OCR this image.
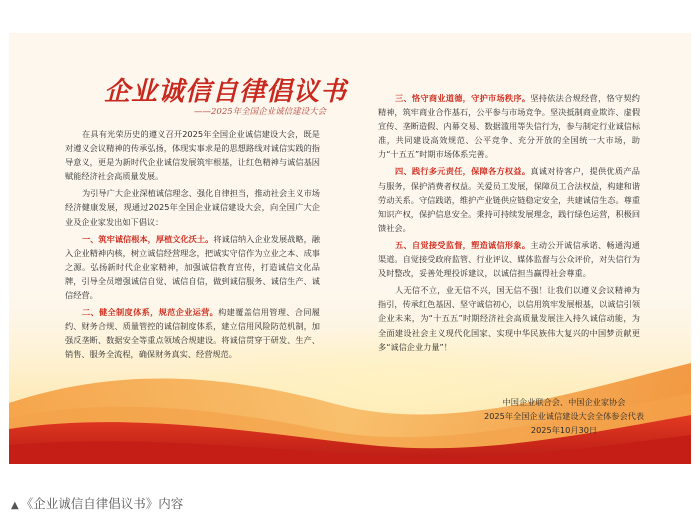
企业诚信自律倡议书
——2025年全国企业诚信建设大会

在具有光荣历史的遵义召开2025年全国企业诚信建设大会，既是对遵义会议精神的传承弘扬，体现实事求是的思想路线对诚信实践的指导意义，更是为新时代企业诚信发展筑牢根基，让红色精神与诚信基因赋能经济社会高质量发展。

为引导广大企业深植诚信理念、强化自律担当，推动社会主义市场经济健康发展，现通过2025年全国企业诚信建设大会，向全国广大企业及企业家发出如下倡议：

一、筑牢诚信根本，厚植文化沃土。将诚信纳入企业发展战略，融入企业精神内核，树立诚信经营理念，把诚实守信作为立业之本、成事之源。弘扬新时代企业家精神，加强诚信教育宣传，打造诚信文化品牌，引导全员增强诚信自觉、诚信自信，做到诚信服务、诚信生产、诚信经营。

二、健全制度体系，规范企业运营。构建覆盖信用管理、合同履约、财务合规、质量管控的诚信制度体系，建立信用风险防范机制，加强反垄断、数据安全等重点领域合规建设。将诚信贯穿于研发、生产、销售、服务全流程，确保财务真实、经营规范。

三、恪守商业道德，守护市场秩序。坚持依法合规经营，恪守契约精神，筑牢商业合作基石，公平参与市场竞争。坚决抵制商业欺诈、虚假宣传、垄断造假、内幕交易、数据滥用等失信行为，参与制定行业诚信标准，共同建设高效规范、公平竞争、充分开放的全国统一大市场，助力“十五五”时期市场体系完善。

四、践行多元责任，保障各方权益。真诚对待客户，提供优质产品与服务，保护消费者权益。关爱员工发展，保障员工合法权益，构建和谐劳动关系。守信践诺，维护产业链供应链稳定安全，共建诚信生态。尊重知识产权，保护信息安全。秉持可持续发展理念，践行绿色运营，积极回馈社会。

五、自觉接受监督，塑造诚信形象。主动公开诚信承诺、畅通沟通渠道。自觉接受政府监管、行业评议、媒体监督与公众评价，对失信行为及时整改，妥善处理投诉建议，以诚信担当赢得社会尊重。

人无信不立，业无信不兴，国无信不强！让我们以遵义会议精神为指引，传承红色基因、坚守诚信初心，以信用筑牢发展根基，以诚信引领企业未来，为“十五五”时期经济社会高质量发展注入持久诚信动能，为全面建设社会主义现代化国家、实现中华民族伟大复兴的中国梦贡献更多“诚信企业力量”！

中国企业联合会、中国企业家协会
2025年全国企业诚信建设大会全体参会代表
2025年10月30日
▲ 《企业诚信自律倡议书》内容
